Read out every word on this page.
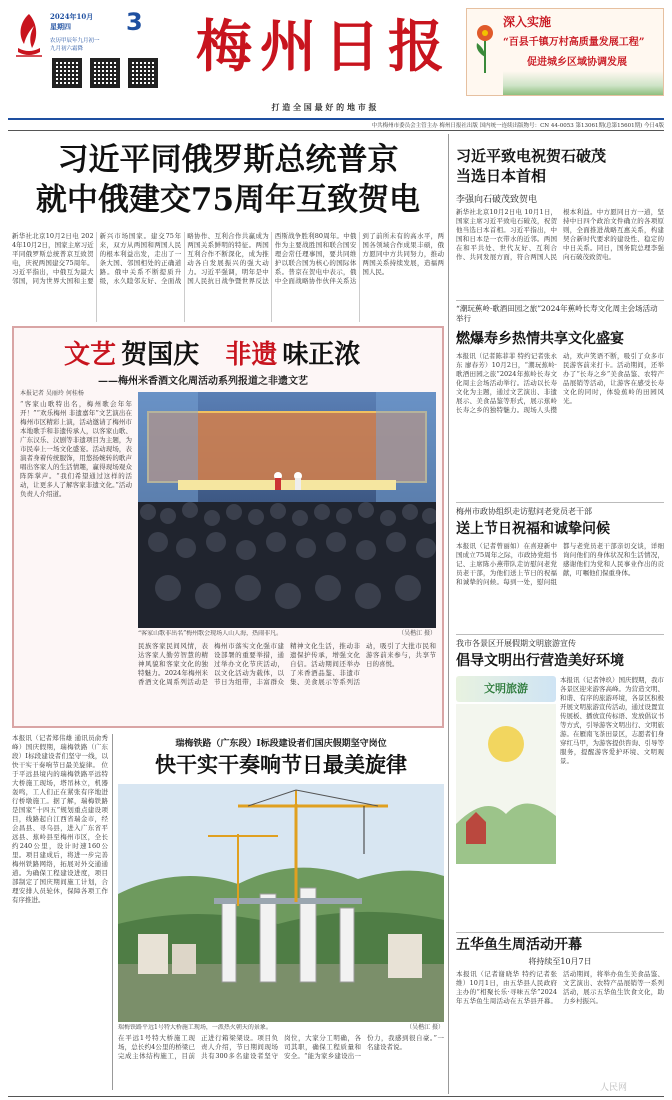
2024年10月
星期四
农历甲辰年九月初一
九月初六霜降
3 梅州日报
打 造 全 国 最 好 的 地 市 报
深入实施
“百县千镇万村高质量发展工程”
促进城乡区域协调发展
中共梅州市委员会主管主办 梅州日报社出版 国内统一连续出版物号：CN 44-0053 第13061期(总第15601期) 今日4版
习近平同俄罗斯总统普京
就中俄建交75周年互致贺电
新华社北京10月2日电 2024年10月2日，国家主席习近平同俄罗斯总统普京互致贺电，庆祝两国建交75周年。习近平指出，中俄互为最大邻国，同为世界大国和主要新兴市场国家。建交75年来，双方从两国和两国人民的根本利益出发，走出了一条大国、邻国相处的正确道路。俄中关系不断提质升级，永久睦邻友好、全面战略协作、互利合作共赢成为两国关系鲜明的特征。两国互利合作不断深化，成为推动各自发展振兴的强大动力。习近平强调，明年是中国人民抗日战争暨世界反法西斯战争胜利80周年。中俄作为主要战胜国和联合国安理会常任理事国，要共同维护以联合国为核心的国际体系。普京在贺电中表示，俄中全面战略协作伙伴关系达到了前所未有的高水平，两国各领域合作成果丰硕，俄方愿同中方共同努力，推动两国关系持续发展，造福两国人民。
文艺 贺国庆 非遗 味正浓
——梅州米香酒文化周活动系列报道之非遗文艺
本报记者 吴丽玲 何桂杨
“客家山歌特出名，梅州歌会年年开！”“欢乐梅州 非遗嘉年”文艺演出在梅州市区精彩上演，活动邀请了梅州市本地歌手和非遗传承人，以客家山歌、广东汉乐、汉剧等非遗项目为主题，为市民奉上一场文化盛宴。活动现场，表演者身着传统服饰，用悠扬婉转的歌声唱出客家人的生活情趣，赢得现场观众阵阵掌声。“我们希望通过这样的活动，让更多人了解客家非遗文化。”活动负责人介绍道。
“客家山歌非出名”梅州歌会现场人山人海，热闹非凡。	（吴楷江 摄）
民族客家民间风情，表达客家人勤劳智慧的精神风貌和客家文化的独特魅力。2024年梅州米香酒文化周系列活动是梅州市落实文化强市建设部署的重要举措，通过举办文化节庆活动，以文化活动为载体，以节日为纽带，丰富群众精神文化生活，推动非遗保护传承，增强文化自信。活动期间还举办了米香酒品鉴、非遗市集、美食展示等系列活动，吸引了大批市民和游客前来参与，共享节日的喜悦。
本报讯（记者郑伟雄 通讯员俞秀峰）国庆假期，瑞梅铁路（广东段）Ⅰ标段建设者们坚守一线，以快干实干奏响节日最美旋律。 位于平远县境内的瑞梅铁路平远特大桥施工现场，塔吊林立，机器轰鸣，工人们正在紧张有序地进行桥墩施工。据了解，瑞梅铁路是国家“十四五”规划重点建设项目，线路起自江西省瑞金市，经会昌县、寻乌县，进入广东省平远县、蕉岭县至梅州市区，全长约240公里，设计时速160公里。项目建成后，将进一步完善梅州铁路网络，拓展对外交通通道。为确保工程建设进度，项目部制定了国庆期间施工计划，合理安排人员轮休，保障各项工作有序推进。
瑞梅铁路（广东段）Ⅰ标段建设者们国庆假期坚守岗位
快干实干奏响节日最美旋律
瑞梅铁路平远1号特大桥施工现场，一派热火朝天的景象。	（吴楷江 摄）
在平远1号特大桥施工现场，总长约4公里的桥梁已完成主体结构施工，目前正进行箱梁架设。项目负责人介绍，节日期间现场共有300多名建设者坚守岗位，大家分工明确，各司其职，确保工程质量和安全。“能为家乡建设出一份力，我感到很自豪。”一名建设者说。
习近平致电祝贺石破茂
当选日本首相
李强向石破茂致贺电
新华社北京10月2日电 10月1日，国家主席习近平致电石破茂，祝贺他当选日本首相。习近平指出，中国和日本是一衣带水的近邻。两国在和平共处、世代友好、互利合作、共同发展方面，符合两国人民根本利益。中方愿同日方一道，坚持中日四个政治文件确立的各项原则，全面推进战略互惠关系，构建契合新时代要求的建设性、稳定的中日关系。同日，国务院总理李强向石破茂致贺电。
“潮玩蕉岭·歌酒田园之旅”2024年蕉岭长寿文化周主会场活动举行
燃爆寿乡热情共享文化盛宴
本报讯（记者陈菲菲 特约记者张永东 廖春芳）10月2日，“潮玩蕉岭·歌酒田园之旅”2024年蕉岭长寿文化周主会场活动举行。活动以长寿文化为主题，通过文艺演出、非遗展示、美食品鉴等形式，展示蕉岭长寿之乡的独特魅力。现场人头攒动，欢声笑语不断，吸引了众多市民游客前来打卡。活动期间，还举办了“长寿之乡”美食品鉴、农特产品展销等活动，让游客在感受长寿文化的同时，体验蕉岭的田园风光。
梅州市政协组织走访慰问老党员老干部
送上节日祝福和诚挚问候
本报讯（记者曾丽如）在喜迎新中国成立75周年之际，市政协党组书记、主席陈小燕带队走访慰问老党员老干部，为他们送上节日的祝福和诚挚的问候。每到一处，慰问组都与老党员老干部亲切交谈，详细询问他们的身体状况和生活情况，感谢他们为党和人民事业作出的贡献，叮嘱他们保重身体。
我市各景区开展假期文明旅游宣传
倡导文明出行营造美好环境
文明旅游
本报讯（记者钟玖）国庆假期，我市各景区迎来游客高峰。为营造文明、和谐、有序的旅游环境，各景区积极开展文明旅游宣传活动，通过设置宣传展板、播放宣传标语、发放倡议书等方式，引导游客文明出行、文明旅游。在雁南飞茶田景区，志愿者们身穿红马甲，为游客提供咨询、引导等服务，提醒游客爱护环境、文明观景。
五华鱼生周活动开幕
将持续至10月7日
本报讯（记者谢晓华 特约记者张维）10月1日，由五华县人民政府主办的“相聚长乐·寻味五华”2024年五华鱼生周活动在五华县开幕。活动期间，将举办鱼生美食品鉴、文艺演出、农特产品展销等一系列活动，展示五华鱼生饮食文化，助力乡村振兴。
人民网
